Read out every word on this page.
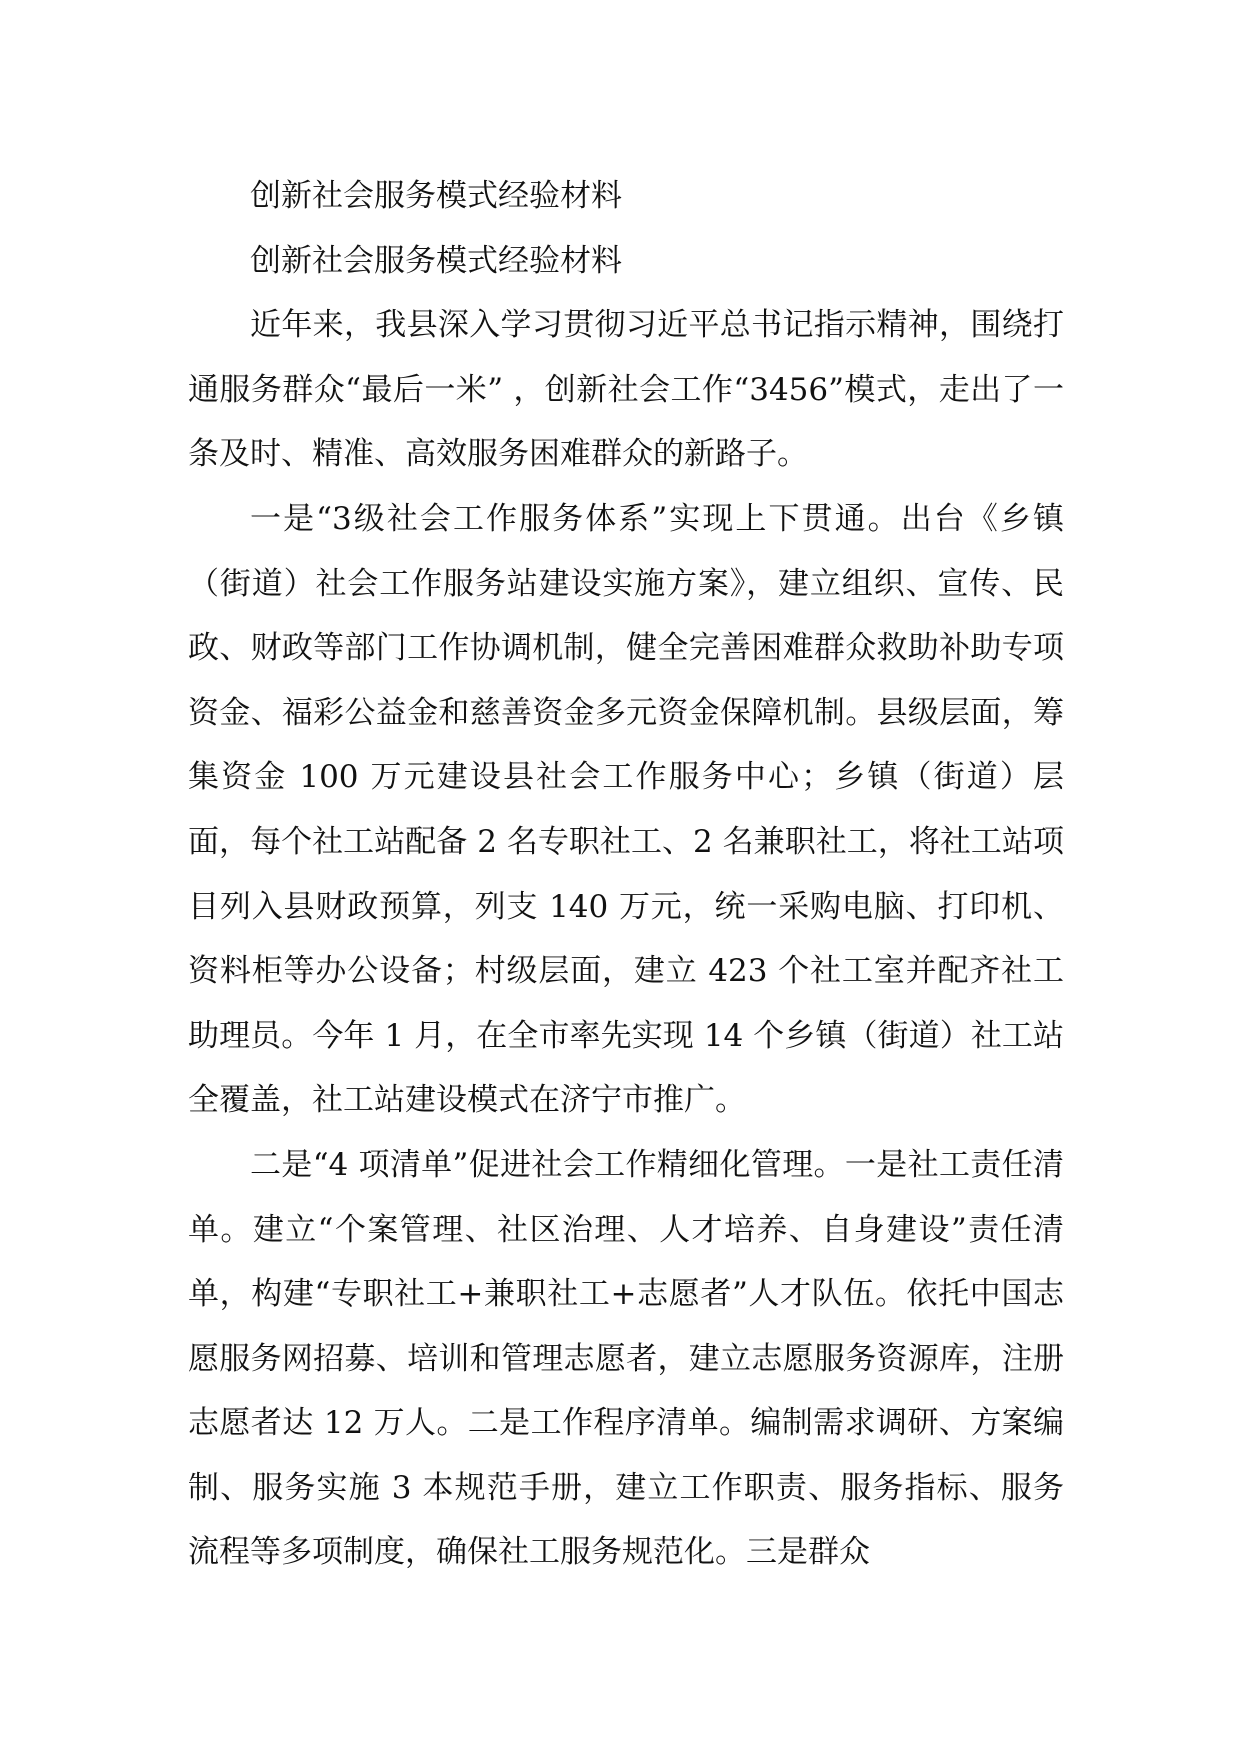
创新社会服务模式经验材料

创新社会服务模式经验材料

近年来，我县深入学习贯彻习近平总书记指示精神，围绕打通服务群众“最后一米” ，创新社会工作“3456”模式，走出了一条及时、精准、高效服务困难群众的新路子。

一是“3级社会工作服务体系”实现上下贯通。出台《乡镇（街道）社会工作服务站建设实施方案》，建立组织、宣传、民政、财政等部门工作协调机制，健全完善困难群众救助补助专项资金、福彩公益金和慈善资金多元资金保障机制。县级层面，筹集资金 100 万元建设县社会工作服务中心；乡镇（街道）层面，每个社工站配备 2 名专职社工、2 名兼职社工，将社工站项目列入县财政预算，列支 140 万元，统一采购电脑、打印机、资料柜等办公设备；村级层面，建立 423 个社工室并配齐社工助理员。今年 1 月，在全市率先实现 14 个乡镇（街道）社工站全覆盖，社工站建设模式在济宁市推广。

二是“4 项清单”促进社会工作精细化管理。一是社工责任清单。建立“个案管理、社区治理、人才培养、自身建设”责任清单，构建“专职社工+兼职社工+志愿者”人才队伍。依托中国志愿服务网招募、培训和管理志愿者，建立志愿服务资源库，注册志愿者达 12 万人。二是工作程序清单。编制需求调研、方案编制、服务实施 3 本规范手册，建立工作职责、服务指标、服务流程等多项制度，确保社工服务规范化。三是群众
